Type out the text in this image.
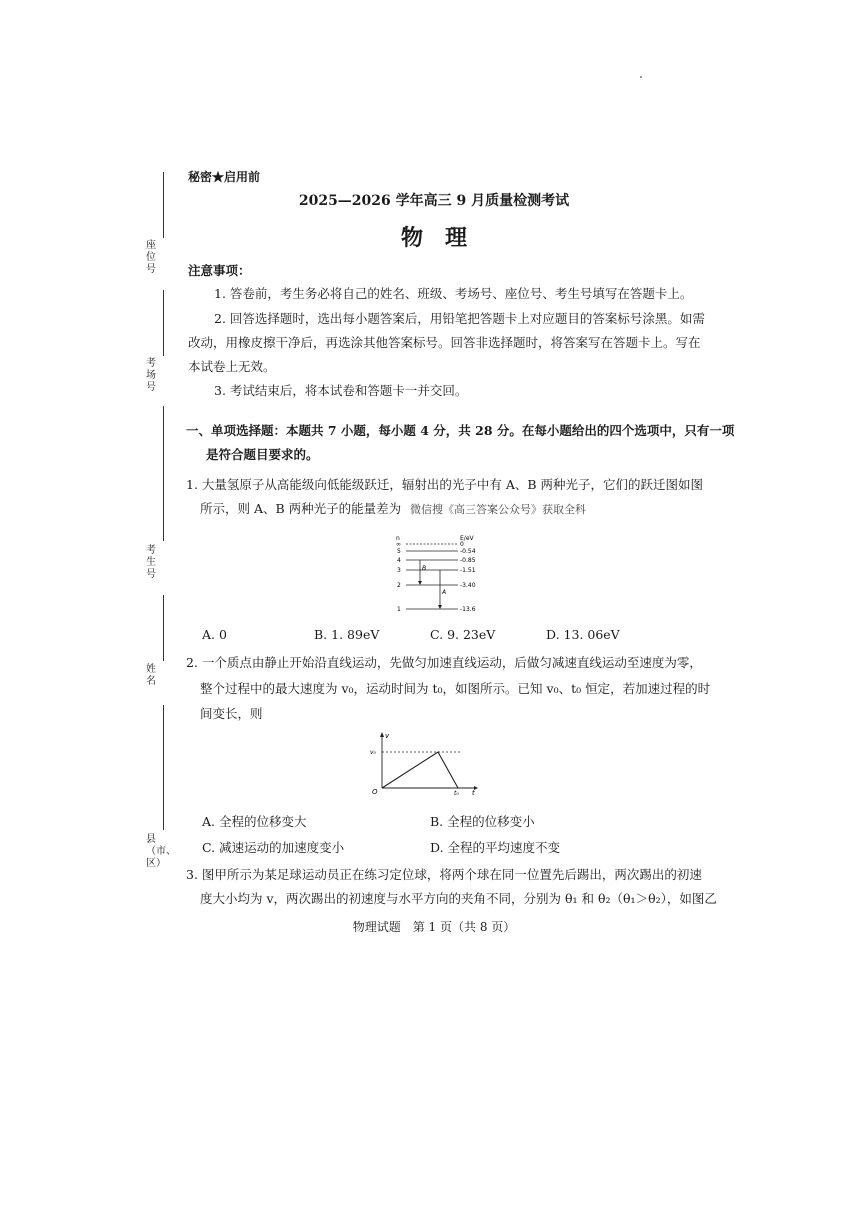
座位号
考场号
考生号
姓名
县（市、区）
秘密★启用前
2025—2026 学年高三 9 月质量检测考试
物　理
注意事项：
1. 答卷前，考生务必将自己的姓名、班级、考场号、座位号、考生号填写在答题卡上。
2. 回答选择题时，选出每小题答案后，用铅笔把答题卡上对应题目的答案标号涂黑。如需
改动，用橡皮擦干净后，再选涂其他答案标号。回答非选择题时，将答案写在答题卡上。写在
本试卷上无效。
3. 考试结束后，将本试卷和答题卡一并交回。
一、单项选择题：本题共 7 小题，每小题 4 分，共 28 分。在每小题给出的四个选项中，只有一项
是符合题目要求的。
1. 大量氢原子从高能级向低能级跃迁，辐射出的光子中有 A、B 两种光子，它们的跃迁图如图
所示，则 A、B 两种光子的能量差为 微信搜《高三答案公众号》获取全科
n	E/eV
∞	0
5	-0.54
4	-0.85
3	-1.51
2	-3.40
1	-13.6
B
A
A. 0	B. 1. 89eV	C. 9. 23eV	D. 13. 06eV
2. 一个质点由静止开始沿直线运动，先做匀加速直线运动，后做匀减速直线运动至速度为零，
整个过程中的最大速度为 v₀，运动时间为 t₀，如图所示。已知 v₀、t₀ 恒定，若加速过程的时
间变长，则
v
v₀
O	t₀ t
A. 全程的位移变大	B. 全程的位移变小
C. 减速运动的加速度变小	D. 全程的平均速度不变
3. 图甲所示为某足球运动员正在练习定位球，将两个球在同一位置先后踢出，两次踢出的初速
度大小均为 v，两次踢出的初速度与水平方向的夹角不同，分别为 θ₁ 和 θ₂（θ₁＞θ₂），如图乙
物理试题　第 1 页（共 8 页）
